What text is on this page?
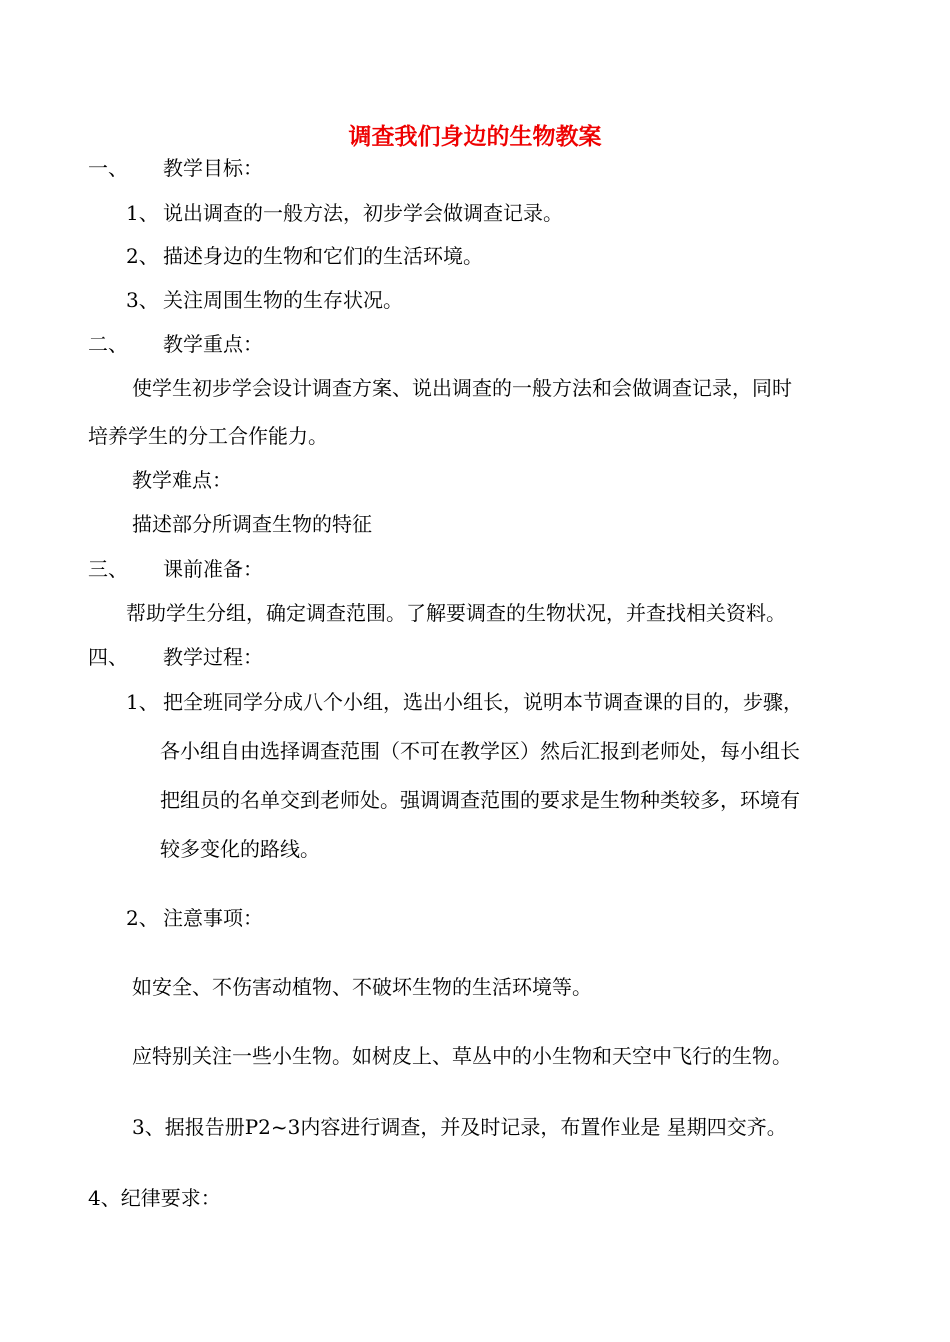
调查我们身边的生物教案
一、 教学目标：
1、 说出调查的一般方法，初步学会做调查记录。
2、 描述身边的生物和它们的生活环境。
3、 关注周围生物的生存状况。
二、 教学重点：
使学生初步学会设计调查方案、说出调查的一般方法和会做调查记录，同时
培养学生的分工合作能力。
教学难点：
描述部分所调查生物的特征
三、 课前准备：
帮助学生分组，确定调查范围。了解要调查的生物状况，并查找相关资料。
四、 教学过程：
1、 把全班同学分成八个小组，选出小组长，说明本节调查课的目的，步骤，
各小组自由选择调查范围（不可在教学区）然后汇报到老师处，每小组长
把组员的名单交到老师处。强调调查范围的要求是生物种类较多，环境有
较多变化的路线。
2、 注意事项：
如安全、不伤害动植物、不破坏生物的生活环境等。
应特别关注一些小生物。如树皮上、草丛中的小生物和天空中飞行的生物。
3、据报告册P2~3内容进行调查，并及时记录，布置作业是 星期四交齐。
4、纪律要求：
